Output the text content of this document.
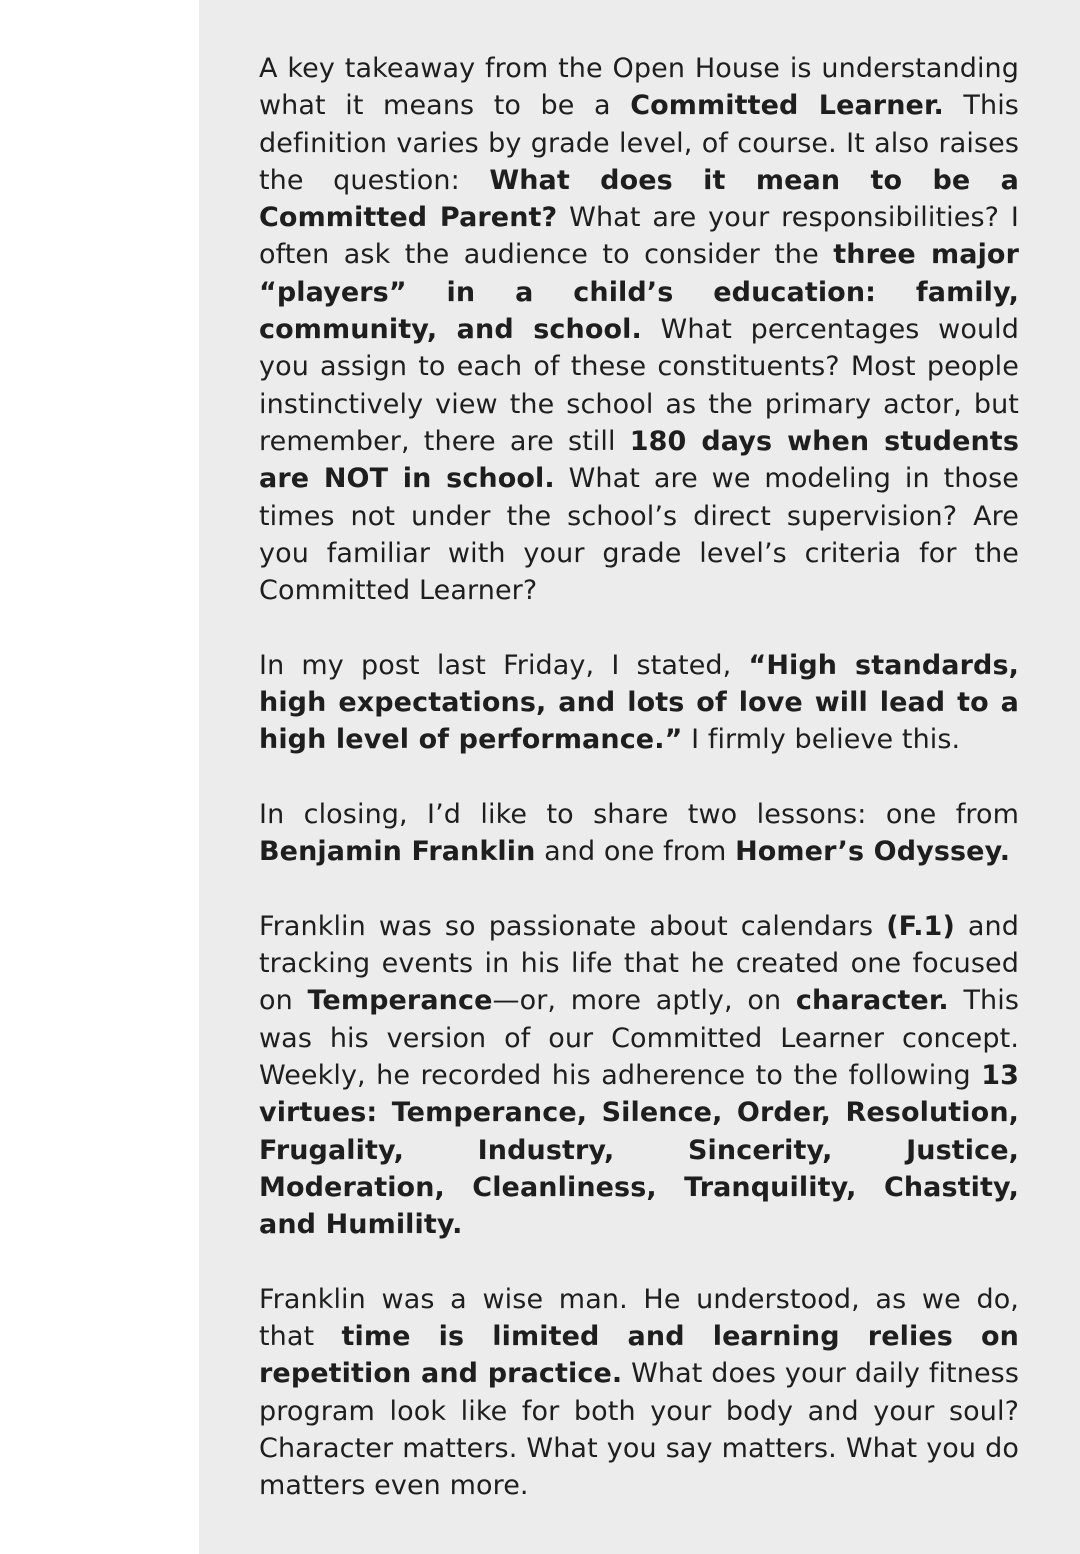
A key takeaway from the Open House is understanding what it means to be a Committed Learner. This definition varies by grade level, of course. It also raises the question: What does it mean to be a Committed Parent? What are your responsibilities? I often ask the audience to consider the three major “players” in a child’s education: family, community, and school. What percentages would you assign to each of these constituents? Most people instinctively view the school as the primary actor, but remember, there are still 180 days when students are NOT in school. What are we modeling in those times not under the school’s direct supervision? Are you familiar with your grade level’s criteria for the Committed Learner?

In my post last Friday, I stated, “High standards, high expectations, and lots of love will lead to a high level of performance.” I firmly believe this.

In closing, I’d like to share two lessons: one from Benjamin Franklin and one from Homer’s Odyssey.

Franklin was so passionate about calendars (F.1) and tracking events in his life that he created one focused on Temperance—or, more aptly, on character. This was his version of our Committed Learner concept. Weekly, he recorded his adherence to the following 13 virtues: Temperance, Silence, Order, Resolution, Frugality, Industry, Sincerity, Justice, Moderation, Cleanliness, Tranquility, Chastity, and Humility.

Franklin was a wise man. He understood, as we do, that time is limited and learning relies on repetition and practice. What does your daily fitness program look like for both your body and your soul? Character matters. What you say matters. What you do matters even more.
